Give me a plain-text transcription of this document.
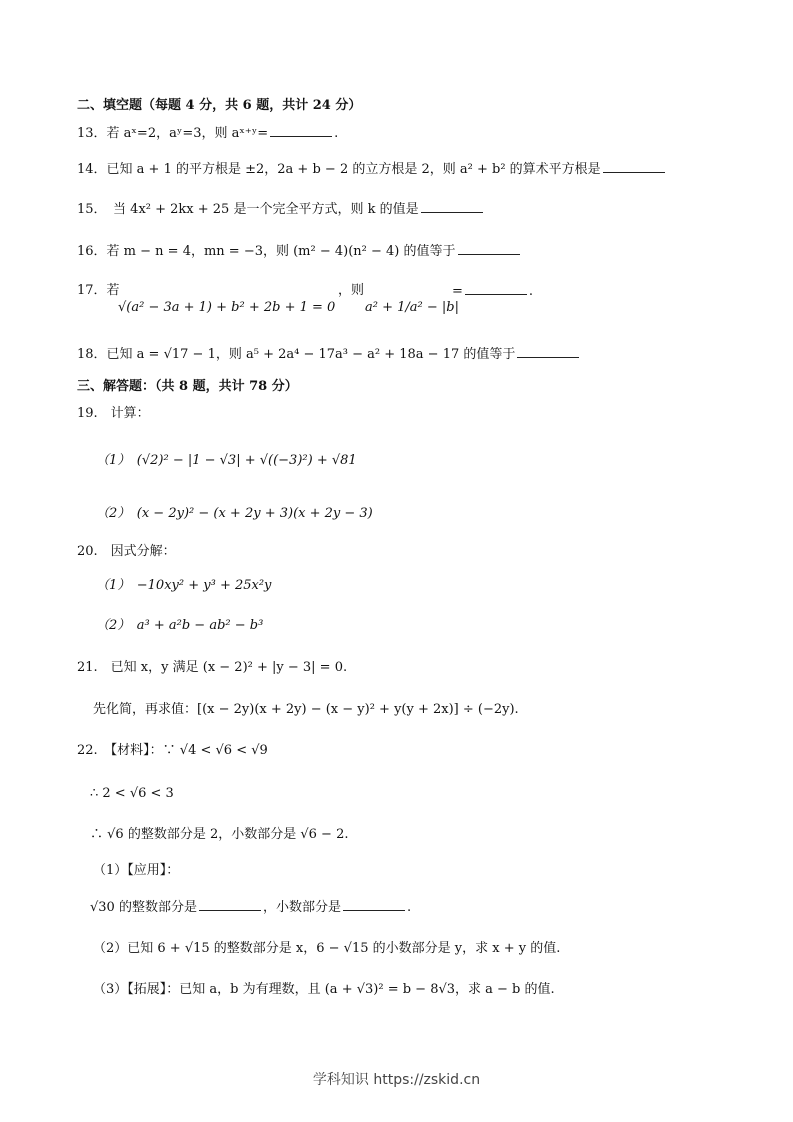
二、填空题（每题 4 分，共 6 题，共计 24 分）
13．若 aˣ=2，aʸ=3，则 aˣ⁺ʸ=	.
14．已知 a + 1 的平方根是 ±2，2a + b − 2 的立方根是 2，则 a² + b² 的算术平方根是
15．　当 4x² + 2kx + 25 是一个完全平方式，则 k 的值是
16．若 m − n = 4，mn = −3，则 (m² − 4)(n² − 4) 的值等于
17．若
√(a² − 3a + 1) + b² + 2b + 1 = 0
，则
a² + 1/a² − |b|
=	.
18．已知 a = √17 − 1，则 a⁵ + 2a⁴ − 17a³ − a² + 18a − 17 的值等于
三、解答题：（共 8 题，共计 78 分）
19.　计算：
（1）　(√2)² − |1 − √3| + √((−3)²) + √81
（2）　(x − 2y)² − (x + 2y + 3)(x + 2y − 3)
20.　因式分解：
（1）　−10xy² + y³ + 25x²y
（2）　a³ + a²b − ab² − b³
21.　已知 x，y 满足 (x − 2)² + |y − 3| = 0.
先化简，再求值：[(x − 2y)(x + 2y) − (x − y)² + y(y + 2x)] ÷ (−2y).
22.　【材料】：∵ √4 < √6 < √9
∴ 2 < √6 < 3
∴ √6 的整数部分是 2，小数部分是 √6 − 2.
（1）【应用】：
√30 的整数部分是	，小数部分是	.
（2）已知 6 + √15 的整数部分是 x，6 − √15 的小数部分是 y，求 x + y 的值.
（3）【拓展】：已知 a，b 为有理数，且 (a + √3)² = b − 8√3，求 a − b 的值.
学科知识 https://zskid.cn
